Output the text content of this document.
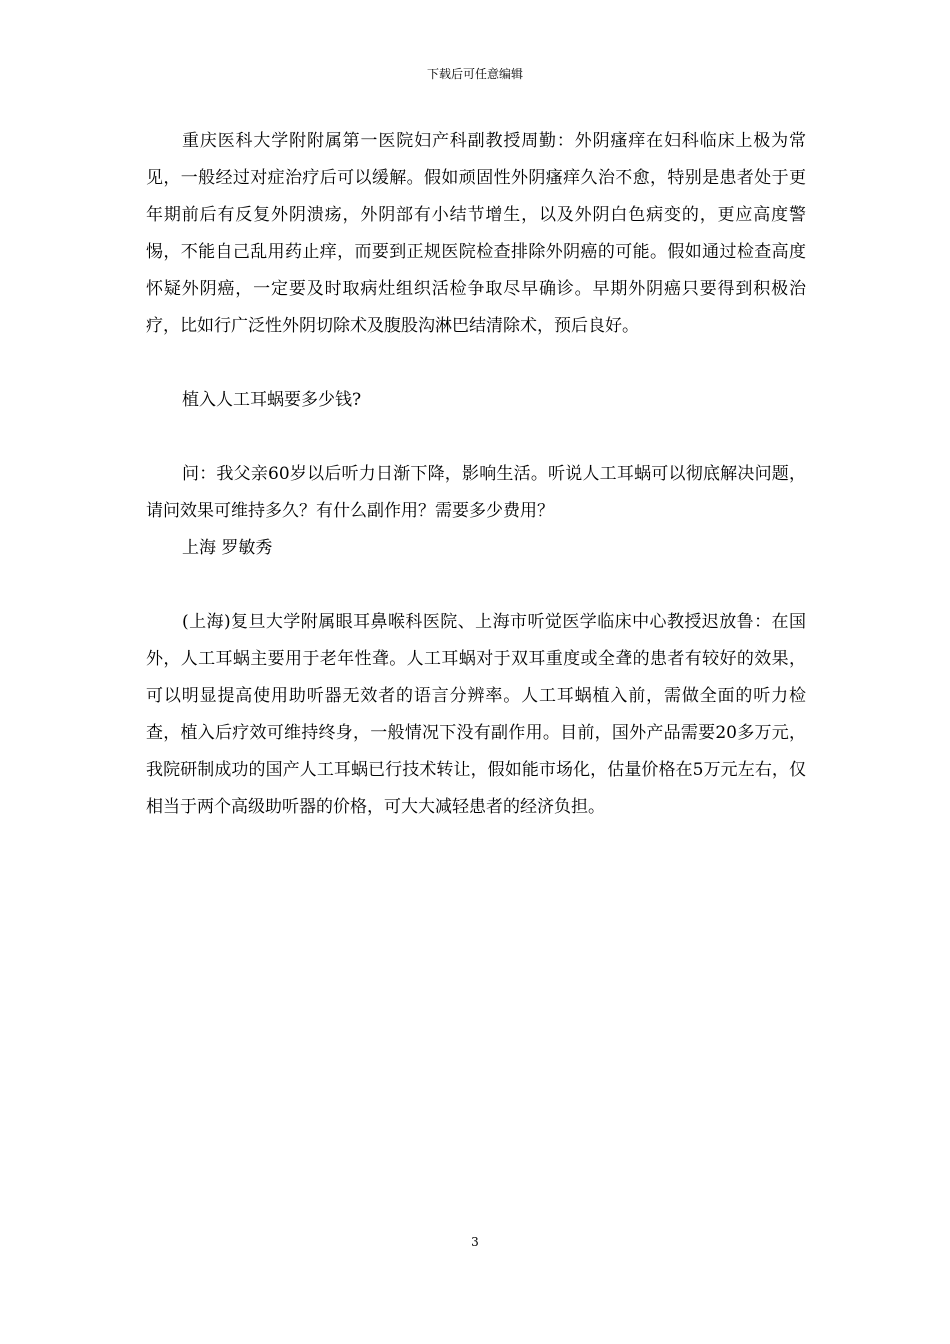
下载后可任意编辑

重庆医科大学附附属第一医院妇产科副教授周勤：外阴瘙痒在妇科临床上极为常见，一般经过对症治疗后可以缓解。假如顽固性外阴瘙痒久治不愈，特别是患者处于更年期前后有反复外阴溃疡，外阴部有小结节增生，以及外阴白色病变的，更应高度警惕，不能自己乱用药止痒，而要到正规医院检查排除外阴癌的可能。假如通过检查高度怀疑外阴癌，一定要及时取病灶组织活检争取尽早确诊。早期外阴癌只要得到积极治疗，比如行广泛性外阴切除术及腹股沟淋巴结清除术，预后良好。

植入人工耳蜗要多少钱?

问：我父亲60岁以后听力日渐下降，影响生活。听说人工耳蜗可以彻底解决问题，请问效果可维持多久？有什么副作用？需要多少费用？

上海 罗敏秀

(上海)复旦大学附属眼耳鼻喉科医院、上海市听觉医学临床中心教授迟放鲁：在国外，人工耳蜗主要用于老年性聋。人工耳蜗对于双耳重度或全聋的患者有较好的效果，可以明显提高使用助听器无效者的语言分辨率。人工耳蜗植入前，需做全面的听力检查，植入后疗效可维持终身，一般情况下没有副作用。目前，国外产品需要20多万元，我院研制成功的国产人工耳蜗已行技术转让，假如能市场化，估量价格在5万元左右，仅相当于两个高级助听器的价格，可大大减轻患者的经济负担。

3
